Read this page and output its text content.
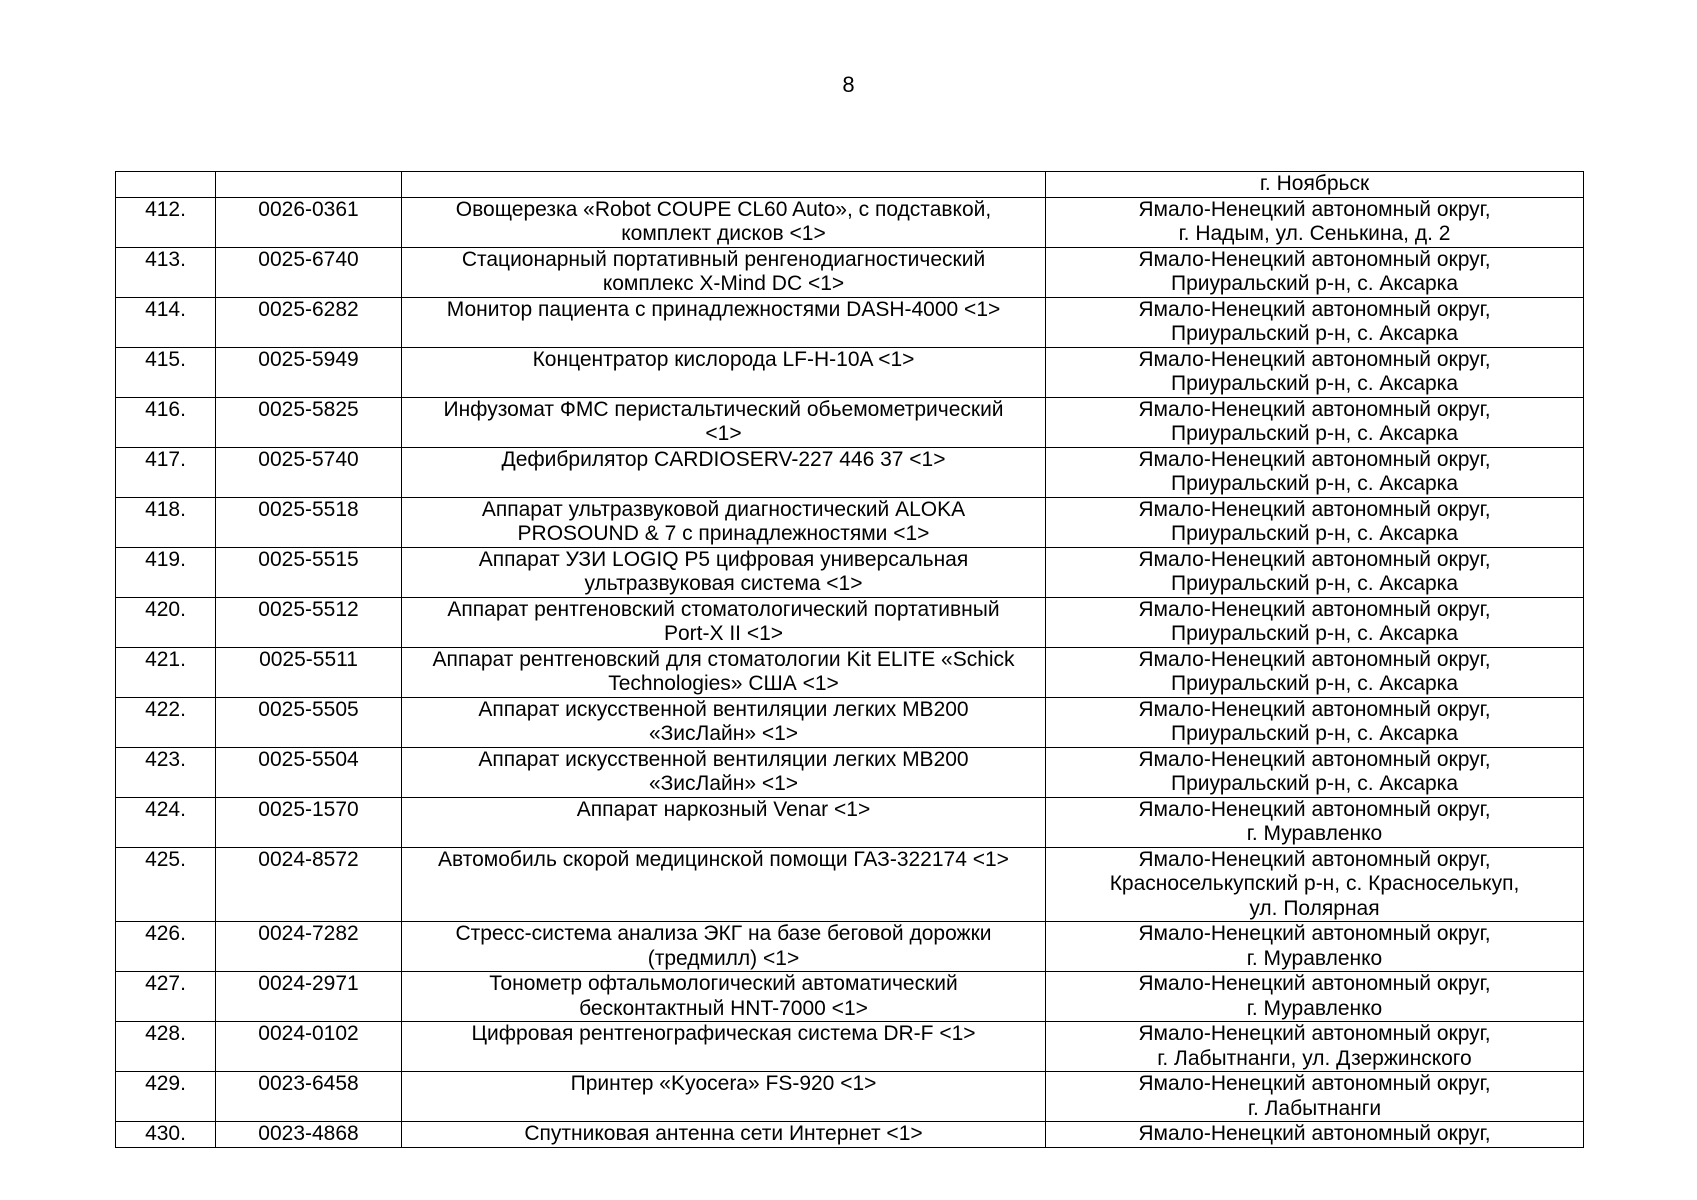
8
			г. Ноябрьск
412.	0026-0361	Овощерезка «Robot COUPE CL60 Auto», с подставкой,
комплект дисков <1>	Ямало-Ненецкий автономный округ,
г. Надым, ул. Сенькина, д. 2
413.	0025-6740	Стационарный портативный ренгенодиагностический
комплекс X-Mind DC <1>	Ямало-Ненецкий автономный округ,
Приуральский р-н, с. Аксарка
414.	0025-6282	Монитор пациента с принадлежностями DASH-4000 <1>	Ямало-Ненецкий автономный округ,
Приуральский р-н, с. Аксарка
415.	0025-5949	Концентратор кислорода LF-H-10A <1>	Ямало-Ненецкий автономный округ,
Приуральский р-н, с. Аксарка
416.	0025-5825	Инфузомат ФМС перистальтический обьемометрический
<1>	Ямало-Ненецкий автономный округ,
Приуральский р-н, с. Аксарка
417.	0025-5740	Дефибрилятор CARDIOSERV-227 446 37 <1>	Ямало-Ненецкий автономный округ,
Приуральский р-н, с. Аксарка
418.	0025-5518	Аппарат ультразвуковой диагностический ALOKA
PROSOUND & 7 с принадлежностями <1>	Ямало-Ненецкий автономный округ,
Приуральский р-н, с. Аксарка
419.	0025-5515	Аппарат УЗИ LOGIQ P5 цифровая универсальная
ультразвуковая система <1>	Ямало-Ненецкий автономный округ,
Приуральский р-н, с. Аксарка
420.	0025-5512	Аппарат рентгеновский стоматологический портативный
Port-X II <1>	Ямало-Ненецкий автономный округ,
Приуральский р-н, с. Аксарка
421.	0025-5511	Аппарат рентгеновский для стоматологии Kit ELITE «Schick
Technologies» США <1>	Ямало-Ненецкий автономный округ,
Приуральский р-н, с. Аксарка
422.	0025-5505	Аппарат искусственной вентиляции легких MB200
«ЗисЛайн» <1>	Ямало-Ненецкий автономный округ,
Приуральский р-н, с. Аксарка
423.	0025-5504	Аппарат искусственной вентиляции легких MB200
«ЗисЛайн» <1>	Ямало-Ненецкий автономный округ,
Приуральский р-н, с. Аксарка
424.	0025-1570	Аппарат наркозный Venar <1>	Ямало-Ненецкий автономный округ,
г. Муравленко
425.	0024-8572	Автомобиль скорой медицинской помощи ГАЗ-322174 <1>	Ямало-Ненецкий автономный округ,
Красноселькупский р-н, с. Красноселькуп,
ул. Полярная
426.	0024-7282	Стресс-система анализа ЭКГ на базе беговой дорожки
(тредмилл) <1>	Ямало-Ненецкий автономный округ,
г. Муравленко
427.	0024-2971	Тонометр офтальмологический автоматический
бесконтактный HNT-7000 <1>	Ямало-Ненецкий автономный округ,
г. Муравленко
428.	0024-0102	Цифровая рентгенографическая система DR-F <1>	Ямало-Ненецкий автономный округ,
г. Лабытнанги, ул. Дзержинского
429.	0023-6458	Принтер «Kyocera» FS-920 <1>	Ямало-Ненецкий автономный округ,
г. Лабытнанги
430.	0023-4868	Спутниковая антенна сети Интернет <1>	Ямало-Ненецкий автономный округ,
